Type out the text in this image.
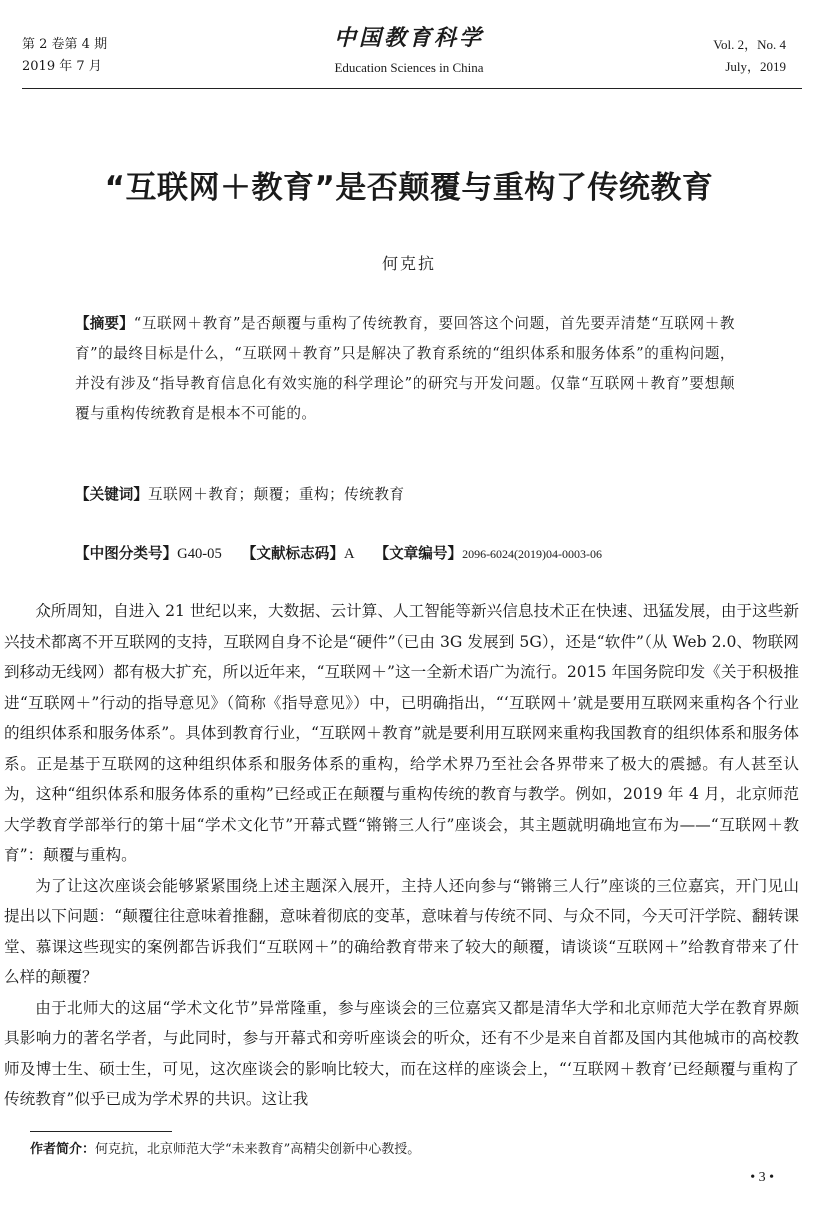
第 2 卷第 4 期
2019 年 7 月
中国教育科学
Education Sciences in China
Vol. 2，No. 4
July，2019
“互联网＋教育”是否颠覆与重构了传统教育
何克抗
【摘要】“互联网＋教育”是否颠覆与重构了传统教育，要回答这个问题，首先要弄清楚“互联网＋教育”的最终目标是什么，“互联网＋教育”只是解决了教育系统的“组织体系和服务体系”的重构问题，并没有涉及“指导教育信息化有效实施的科学理论”的研究与开发问题。仅靠“互联网＋教育”要想颠覆与重构传统教育是根本不可能的。
【关键词】互联网＋教育；颠覆；重构；传统教育
【中图分类号】G40-05 【文献标志码】A 【文章编号】2096-6024(2019)04-0003-06

众所周知，自进入 21 世纪以来，大数据、云计算、人工智能等新兴信息技术正在快速、迅猛发展，由于这些新兴技术都离不开互联网的支持，互联网自身不论是“硬件”（已由 3G 发展到 5G），还是“软件”（从 Web 2.0、物联网到移动无线网）都有极大扩充，所以近年来，“互联网＋”这一全新术语广为流行。2015 年国务院印发《关于积极推进“互联网＋”行动的指导意见》（简称《指导意见》）中，已明确指出，“‘互联网＋’就是要用互联网来重构各个行业的组织体系和服务体系”。具体到教育行业，“互联网＋教育”就是要利用互联网来重构我国教育的组织体系和服务体系。正是基于互联网的这种组织体系和服务体系的重构，给学术界乃至社会各界带来了极大的震撼。有人甚至认为，这种“组织体系和服务体系的重构”已经或正在颠覆与重构传统的教育与教学。例如，2019 年 4 月，北京师范大学教育学部举行的第十届“学术文化节”开幕式暨“锵锵三人行”座谈会，其主题就明确地宣布为——“互联网＋教育”：颠覆与重构。

为了让这次座谈会能够紧紧围绕上述主题深入展开，主持人还向参与“锵锵三人行”座谈的三位嘉宾，开门见山提出以下问题：“颠覆往往意味着推翻，意味着彻底的变革，意味着与传统不同、与众不同，今天可汗学院、翻转课堂、慕课这些现实的案例都告诉我们“互联网＋”的确给教育带来了较大的颠覆，请谈谈“互联网＋”给教育带来了什么样的颠覆？

由于北师大的这届“学术文化节”异常隆重，参与座谈会的三位嘉宾又都是清华大学和北京师范大学在教育界颇具影响力的著名学者，与此同时，参与开幕式和旁听座谈会的听众，还有不少是来自首都及国内其他城市的高校教师及博士生、硕士生，可见，这次座谈会的影响比较大，而在这样的座谈会上，“‘互联网＋教育’已经颠覆与重构了传统教育”似乎已成为学术界的共识。这让我

作者简介：何克抗，北京师范大学“未来教育”高精尖创新中心教授。
• 3 •
